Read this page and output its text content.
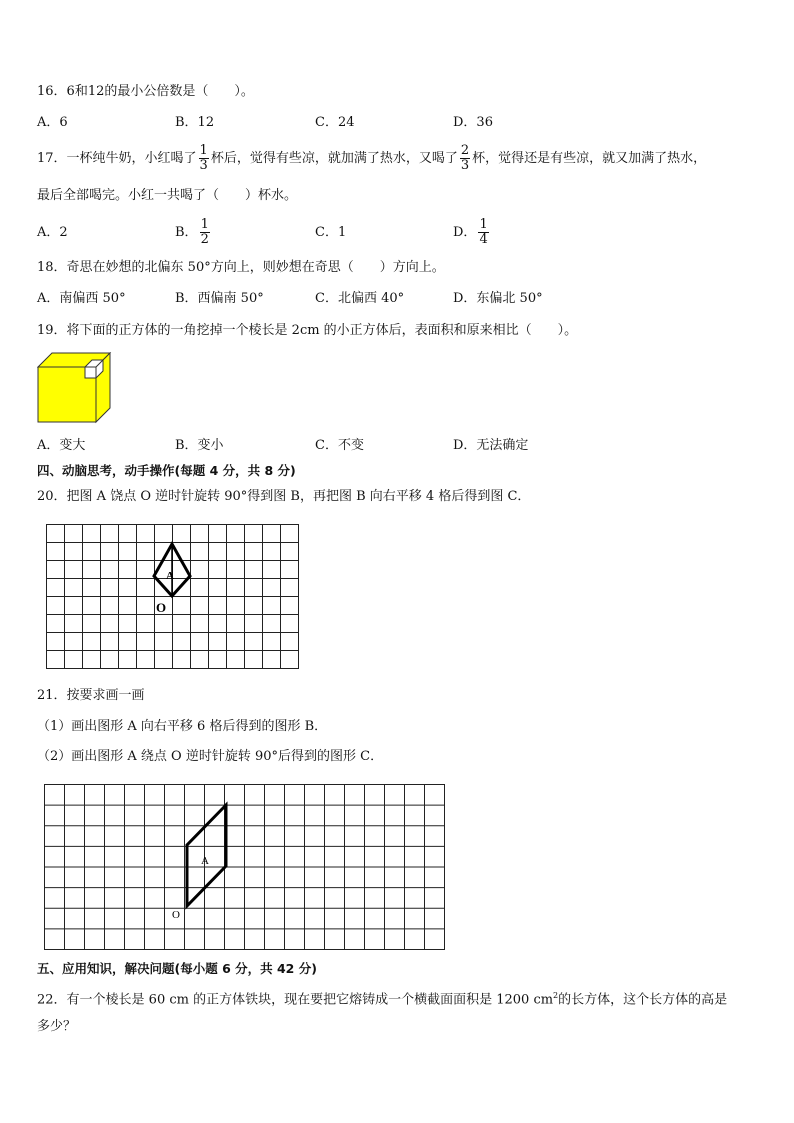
16．6和12的最小公倍数是（　　）。
A．6	B．12	C．24	D．36
17．一杯纯牛奶，小红喝了 $\frac{1}{3}$ 杯后，觉得有些凉，就加满了热水，又喝了 $\frac{2}{3}$ 杯，觉得还是有些凉，就又加满了热水，
最后全部喝完。小红一共喝了（　　）杯水。
A．2	B． $\frac{1}{2}$	C．1	D． $\frac{1}{4}$
18．奇思在妙想的北偏东 50°方向上，则妙想在奇思（　　）方向上。
A．南偏西 50°	B．西偏南 50°	C．北偏西 40°	D．东偏北 50°
19．将下面的正方体的一角挖掉一个棱长是 2cm 的小正方体后，表面积和原来相比（　　）。
A．变大	B．变小	C．不变	D．无法确定
四、动脑思考，动手操作(每题 4 分，共 8 分)
20．把图 A 饶点 O 逆时针旋转 90°得到图 B，再把图 B 向右平移 4 格后得到图 C．
A
O
21．按要求画一画
（1）画出图形 A 向右平移 6 格后得到的图形 B．
（2）画出图形 A 绕点 O 逆时针旋转 90°后得到的图形 C．
A
O
五、应用知识，解决问题(每小题 6 分，共 42 分)
22．有一个棱长是 60 cm 的正方体铁块，现在要把它熔铸成一个横截面面积是 1200 $cm^2$的长方体，这个长方体的高是
多少？
